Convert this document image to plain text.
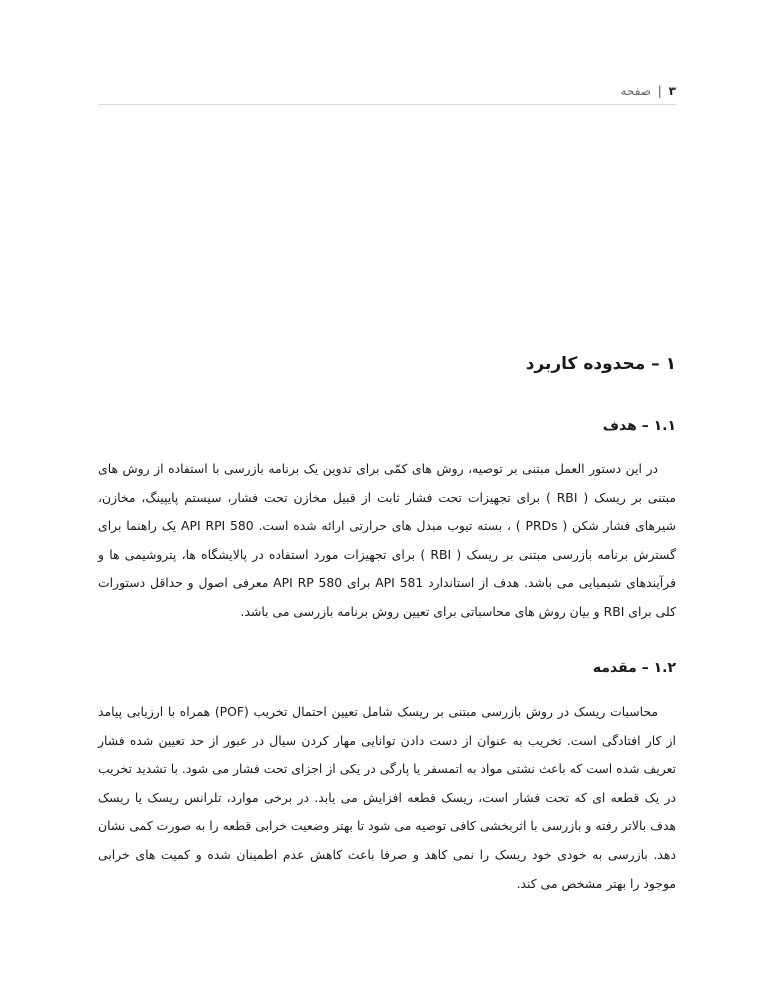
۳ | صفحه
۱ – محدوده کاربرد
۱.۱ – هدف

در این دستور العمل مبتنی بر توصیه، روش های کمّی برای تدوین یک برنامه بازرسی با استفاده از روش های مبتنی بر ریسک ( RBI ) برای تجهیزات تحت فشار ثابت از قبیل مخازن تحت فشار، سیستم پایپینگ، مخازن، شیرهای فشار شکن ( PRDs ) ، بسته تیوب مبدل های حرارتی ارائه شده است. API RPI 580 یک راهنما برای گسترش برنامه بازرسی مبتنی بر ریسک ( RBI ) برای تجهیزات مورد استفاده در پالایشگاه ها، پتروشیمی ها و فرآیندهای شیمیایی می باشد. هدف از استاندارد API 581 برای API RP 580 معرفی اصول و حداقل دستورات کلی برای RBI و بیان روش های محاسباتی برای تعیین روش برنامه بازرسی می باشد.

۱.۲ – مقدمه

محاسبات ریسک در روش بازرسی مبتنی بر ریسک شامل تعیین احتمال تخریب (POF) همراه با ارزیابی پیامد از کار افتادگی است. تخریب به عنوان از دست دادن توانایی مهار کردن سیال در عبور از حد تعیین شده فشار تعریف شده است که باعث نشتی مواد به اتمسفر یا پارگی در یکی از اجزای تحت فشار می شود. با تشدید تخریب در یک قطعه ای که تحت فشار است، ریسک قطعه افزایش می یابد. در برخی موارد، تلرانس ریسک یا ریسک هدف بالاتر رفته و بازرسی با اثربخشی کافی توصیه می شود تا بهتر وضعیت خرابی قطعه را به صورت کمی نشان دهد. بازرسی به خودی خود ریسک را نمی کاهد و صرفا باعث کاهش عدم اطمینان شده و کمیت های خرابی موجود را بهتر مشخص می کند.
